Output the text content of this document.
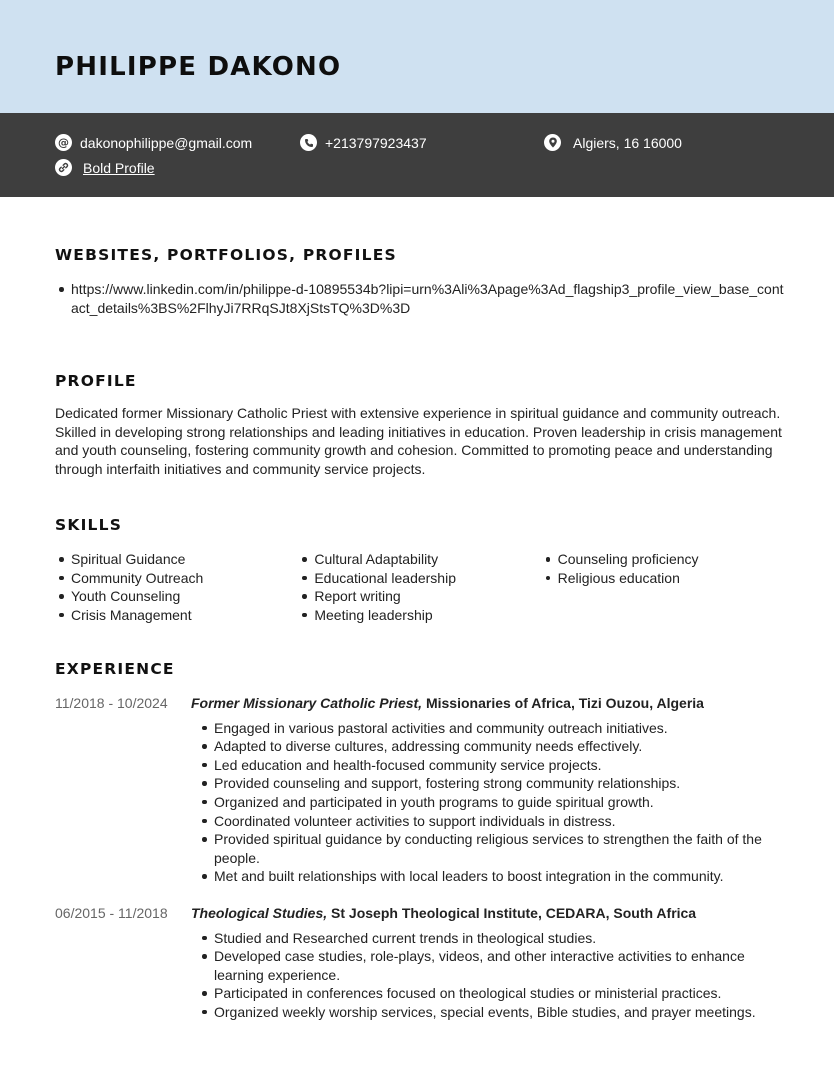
PHILIPPE DAKONO
@ dakonophilippe@gmail.com	+213797923437	Algiers, 16 16000
Bold Profile
WEBSITES, PORTFOLIOS, PROFILES
https://www.linkedin.com/in/philippe-d-10895534b?lipi=urn%3Ali%3Apage%3Ad_flagship3_profile_view_base_contact_details%3BS%2FlhyJi7RRqSJt8XjStsTQ%3D%3D
PROFILE

Dedicated former Missionary Catholic Priest with extensive experience in spiritual guidance and community outreach. Skilled in developing strong relationships and leading initiatives in education. Proven leadership in crisis management and youth counseling, fostering community growth and cohesion. Committed to promoting peace and understanding through interfaith initiatives and community service projects.

SKILLS
Spiritual Guidance
Community Outreach
Youth Counseling
Crisis Management
Cultural Adaptability
Educational leadership
Report writing
Meeting leadership
Counseling proficiency
Religious education
EXPERIENCE
11/2018 - 10/2024	Former Missionary Catholic Priest, Missionaries of Africa, Tizi Ouzou, Algeria
Engaged in various pastoral activities and community outreach initiatives.
Adapted to diverse cultures, addressing community needs effectively.
Led education and health-focused community service projects.
Provided counseling and support, fostering strong community relationships.
Organized and participated in youth programs to guide spiritual growth.
Coordinated volunteer activities to support individuals in distress.
Provided spiritual guidance by conducting religious services to strengthen the faith of the people.
Met and built relationships with local leaders to boost integration in the community.
06/2015 - 11/2018	Theological Studies, St Joseph Theological Institute, CEDARA, South Africa
Studied and Researched current trends in theological studies.
Developed case studies, role-plays, videos, and other interactive activities to enhance learning experience.
Participated in conferences focused on theological studies or ministerial practices.
Organized weekly worship services, special events, Bible studies, and prayer meetings.
